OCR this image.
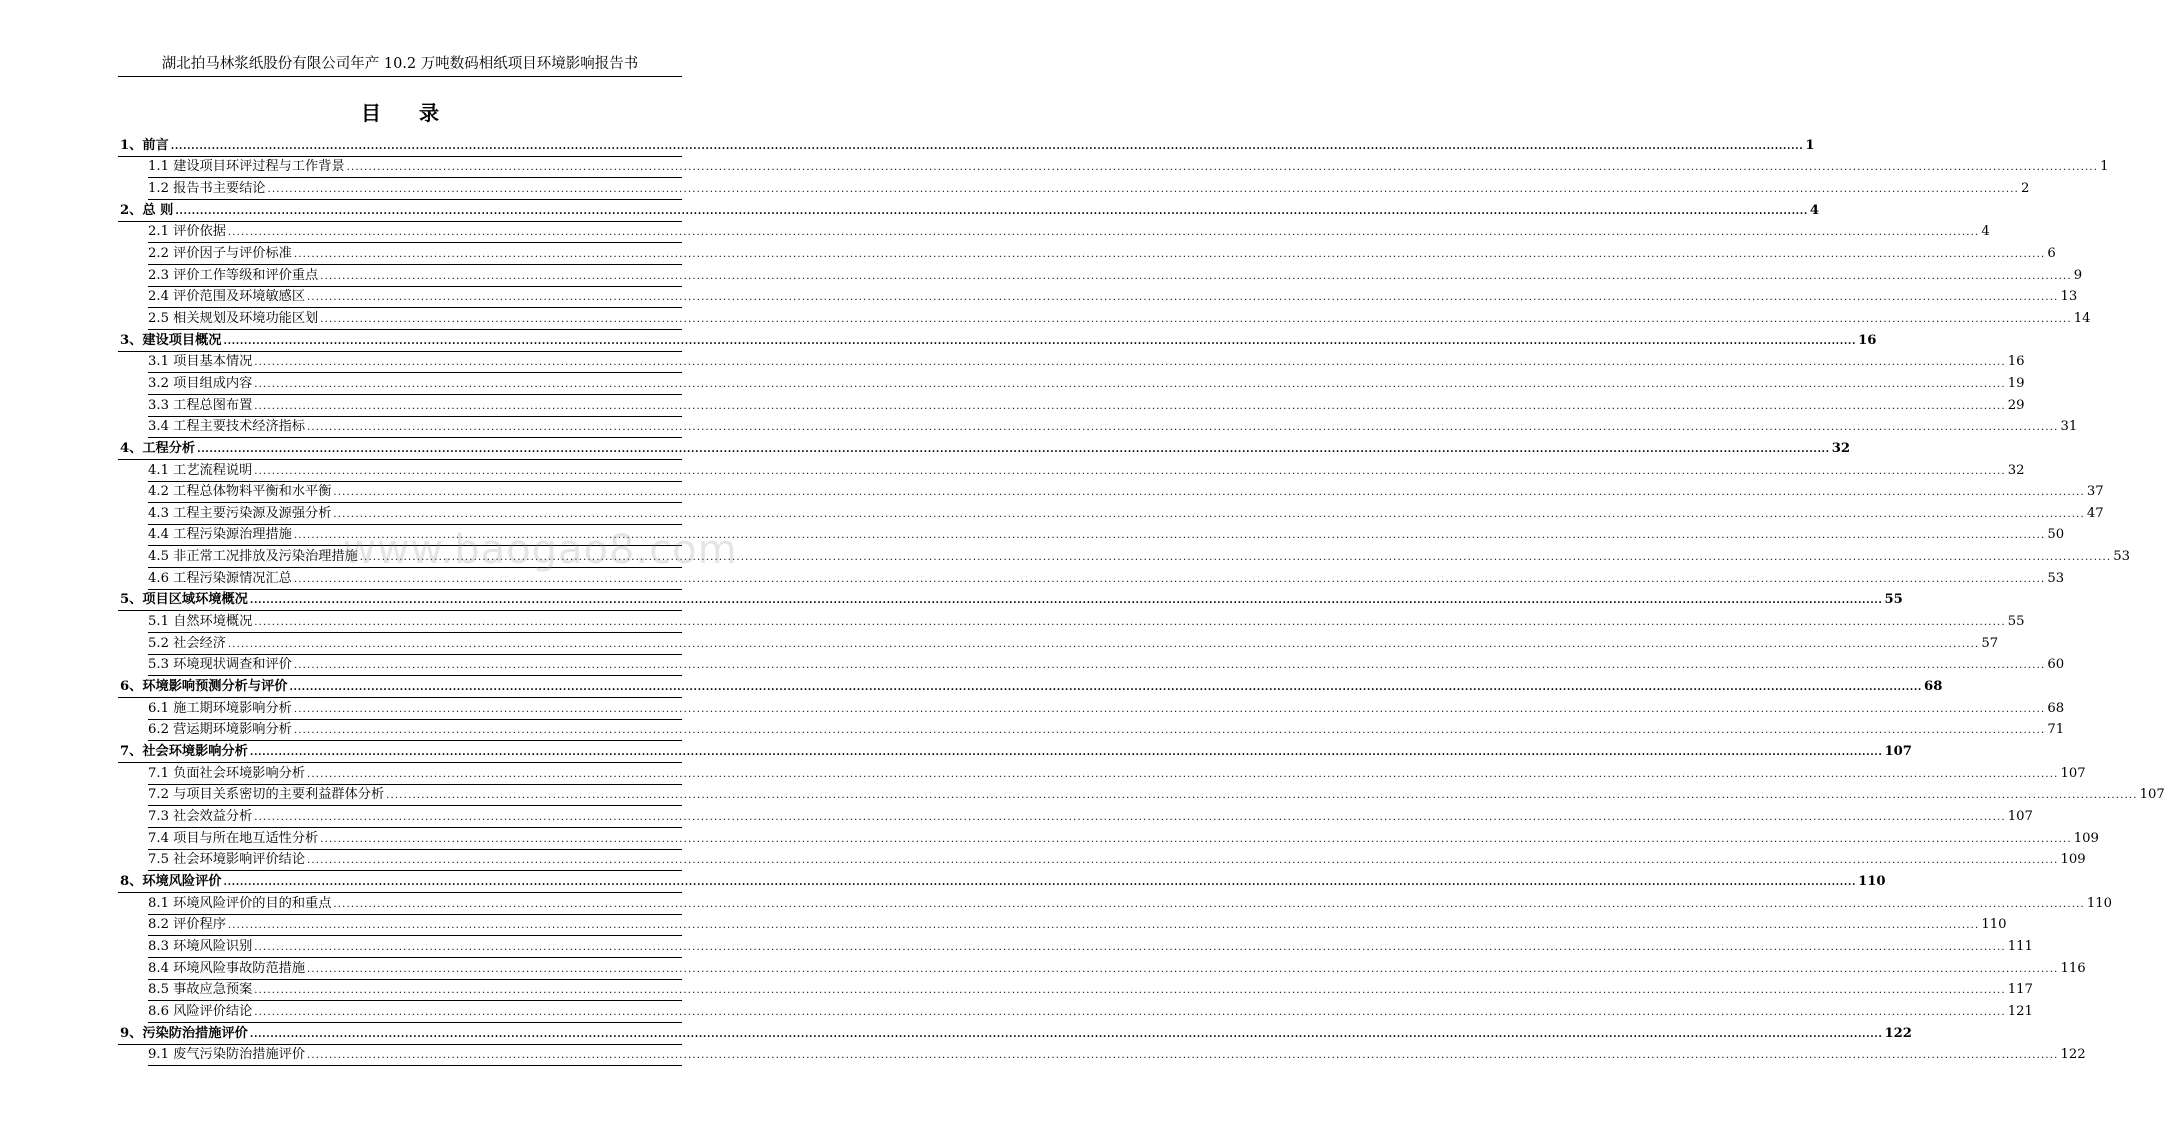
湖北拍马林浆纸股份有限公司年产 10.2 万吨数码相纸项目环境影响报告书
目录
1、前言 ................................................................................................................................................................................................................................................................................................................................................................................................................ 1
1.1 建设项目环评过程与工作背景 ................................................................................................................................................................................................................................................................................................................................................................................................................ 1
1.2 报告书主要结论 ................................................................................................................................................................................................................................................................................................................................................................................................................ 2
2、总 则 ................................................................................................................................................................................................................................................................................................................................................................................................................ 4
2.1 评价依据 ................................................................................................................................................................................................................................................................................................................................................................................................................ 4
2.2 评价因子与评价标准 ................................................................................................................................................................................................................................................................................................................................................................................................................ 6
2.3 评价工作等级和评价重点 ................................................................................................................................................................................................................................................................................................................................................................................................................ 9
2.4 评价范围及环境敏感区 ................................................................................................................................................................................................................................................................................................................................................................................................................ 13
2.5 相关规划及环境功能区划 ................................................................................................................................................................................................................................................................................................................................................................................................................ 14
3、建设项目概况 ................................................................................................................................................................................................................................................................................................................................................................................................................ 16
3.1 项目基本情况 ................................................................................................................................................................................................................................................................................................................................................................................................................ 16
3.2 项目组成内容 ................................................................................................................................................................................................................................................................................................................................................................................................................ 19
3.3 工程总图布置 ................................................................................................................................................................................................................................................................................................................................................................................................................ 29
3.4 工程主要技术经济指标 ................................................................................................................................................................................................................................................................................................................................................................................................................ 31
4、工程分析 ................................................................................................................................................................................................................................................................................................................................................................................................................ 32
4.1 工艺流程说明 ................................................................................................................................................................................................................................................................................................................................................................................................................ 32
4.2 工程总体物料平衡和水平衡 ................................................................................................................................................................................................................................................................................................................................................................................................................ 37
4.3 工程主要污染源及源强分析 ................................................................................................................................................................................................................................................................................................................................................................................................................ 47
4.4 工程污染源治理措施 ................................................................................................................................................................................................................................................................................................................................................................................................................ 50
4.5 非正常工况排放及污染治理措施 ................................................................................................................................................................................................................................................................................................................................................................................................................ 53
4.6 工程污染源情况汇总 ................................................................................................................................................................................................................................................................................................................................................................................................................ 53
5、项目区域环境概况 ................................................................................................................................................................................................................................................................................................................................................................................................................ 55
5.1 自然环境概况 ................................................................................................................................................................................................................................................................................................................................................................................................................ 55
5.2 社会经济 ................................................................................................................................................................................................................................................................................................................................................................................................................ 57
5.3 环境现状调查和评价 ................................................................................................................................................................................................................................................................................................................................................................................................................ 60
6、环境影响预测分析与评价 ................................................................................................................................................................................................................................................................................................................................................................................................................ 68
6.1 施工期环境影响分析 ................................................................................................................................................................................................................................................................................................................................................................................................................ 68
6.2 营运期环境影响分析 ................................................................................................................................................................................................................................................................................................................................................................................................................ 71
7、社会环境影响分析 ................................................................................................................................................................................................................................................................................................................................................................................................................ 107
7.1 负面社会环境影响分析 ................................................................................................................................................................................................................................................................................................................................................................................................................ 107
7.2 与项目关系密切的主要利益群体分析 ................................................................................................................................................................................................................................................................................................................................................................................................................ 107
7.3 社会效益分析 ................................................................................................................................................................................................................................................................................................................................................................................................................ 107
7.4 项目与所在地互适性分析 ................................................................................................................................................................................................................................................................................................................................................................................................................ 109
7.5 社会环境影响评价结论 ................................................................................................................................................................................................................................................................................................................................................................................................................ 109
8、环境风险评价 ................................................................................................................................................................................................................................................................................................................................................................................................................ 110
8.1 环境风险评价的目的和重点 ................................................................................................................................................................................................................................................................................................................................................................................................................ 110
8.2 评价程序 ................................................................................................................................................................................................................................................................................................................................................................................................................ 110
8.3 环境风险识别 ................................................................................................................................................................................................................................................................................................................................................................................................................ 111
8.4 环境风险事故防范措施 ................................................................................................................................................................................................................................................................................................................................................................................................................ 116
8.5 事故应急预案 ................................................................................................................................................................................................................................................................................................................................................................................................................ 117
8.6 风险评价结论 ................................................................................................................................................................................................................................................................................................................................................................................................................ 121
9、污染防治措施评价 ................................................................................................................................................................................................................................................................................................................................................................................................................ 122
9.1 废气污染防治措施评价 ................................................................................................................................................................................................................................................................................................................................................................................................................ 122
www.baogao8.com
